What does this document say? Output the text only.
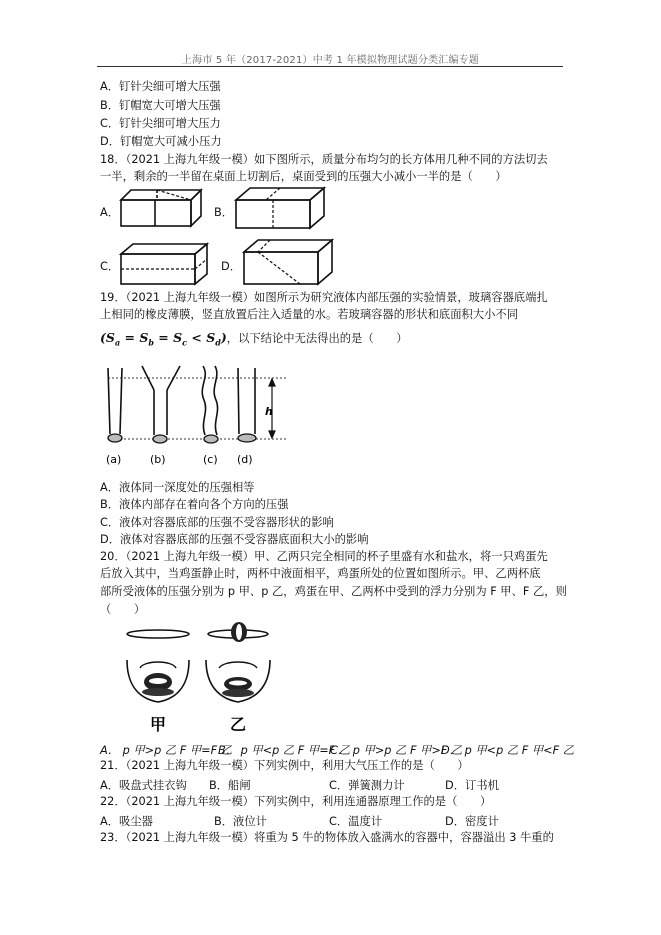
上海市 5 年（2017-2021）中考 1 年模拟物理试题分类汇编专题
A．钉针尖细可增大压强
B．钉帽宽大可增大压强
C．钉针尖细可增大压力
D．钉帽宽大可减小压力
18．（2021 上海九年级一模）如下图所示，质量分布均匀的长方体用几种不同的方法切去
一半，剩余的一半留在桌面上切割后，桌面受到的压强大小减小一半的是（　　）
A．	B．
C．	D．
19．（2021 上海九年级一模）如图所示为研究液体内部压强的实验情景，玻璃容器底端扎
上相同的橡皮薄膜，竖直放置后注入适量的水。若玻璃容器的形状和底面积大小不同
$(S_a = S_b = S_c < S_d)$，以下结论中无法得出的是（　　）
h
(a)	(b)	(c) (d)
A．液体同一深度处的压强相等
B．液体内部存在着向各个方向的压强
C．液体对容器底部的压强不受容器形状的影响
D．液体对容器底部的压强不受容器底面积大小的影响
20．（2021 上海九年级一模）甲、乙两只完全相同的杯子里盛有水和盐水，将一只鸡蛋先
后放入其中，当鸡蛋静止时，两杯中液面相平，鸡蛋所处的位置如图所示。甲、乙两杯底
部所受液体的压强分别为 p 甲、p 乙，鸡蛋在甲、乙两杯中受到的浮力分别为 F 甲、F 乙，则
（　　）
甲	乙
A． p 甲>p 乙 F 甲=F 乙
B． p 甲<p 乙 F 甲=F 乙
C． p 甲>p 乙 F 甲>F 乙
D． p 甲<p 乙 F 甲<F 乙
21．（2021 上海九年级一模）下列实例中，利用大气压工作的是（　　）
A．吸盘式挂衣钩 B．船闸	C．弹簧测力计	D．订书机
22．（2021 上海九年级一模）下列实例中，利用连通器原理工作的是（　　）
A．吸尘器	B．液位计	C．温度计	D．密度计
23．（2021 上海九年级一模）将重为 5 牛的物体放入盛满水的容器中，容器溢出 3 牛重的
